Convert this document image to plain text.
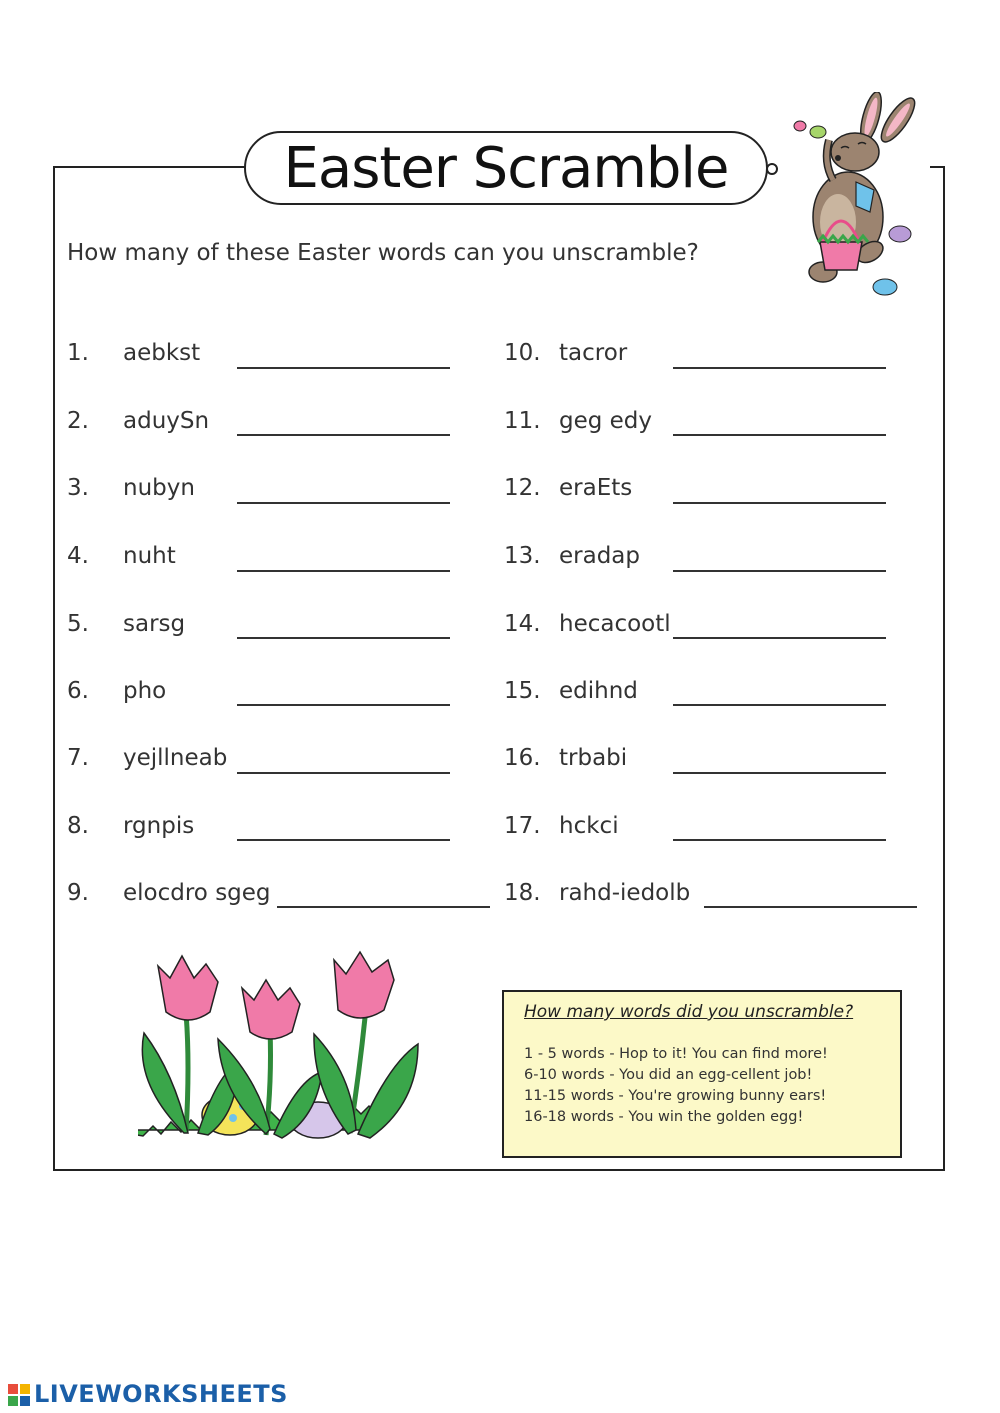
Easter Scramble
How many of these Easter words can you unscramble?
1. aebkst
2. aduySn
3. nubyn
4. nuht
5. sarsg
6. pho
7. yejllneab
8. rgnpis
9. elocdro sgeg
10. tacror
11. geg edy
12. eraEts
13. eradap
14. hecacootl
15. edihnd
16. trbabi
17. hckci
18. rahd-iedolb
How many words did you unscramble?
1 - 5 words - Hop to it! You can find more!
6-10 words - You did an egg-cellent job!
11-15 words - You're growing bunny ears!
16-18 words - You win the golden egg!
LIVEWORKSHEETS
